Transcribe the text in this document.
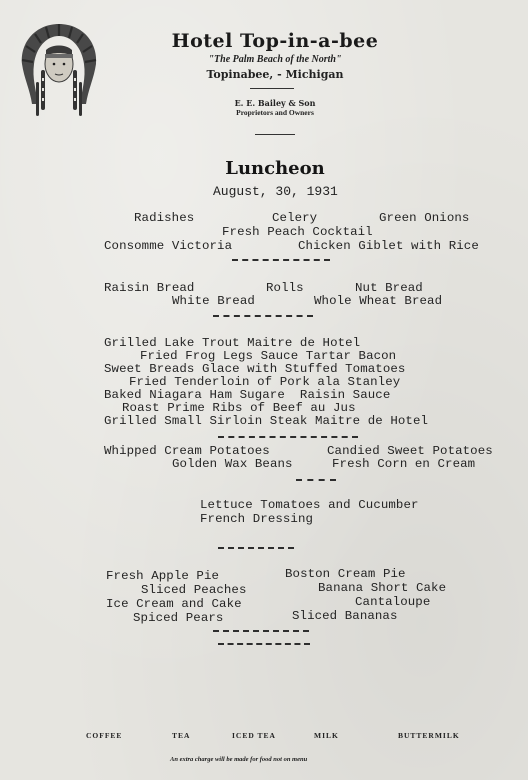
Hotel Top-in-a-bee
"The Palm Beach of the North"
Topinabee, - Michigan
E. E. Bailey & Son
Proprietors and Owners
Luncheon
August, 30, 1931
Radishes	Celery	Green Onions
Fresh Peach Cocktail
Consomme Victoria	Chicken Giblet with Rice
Raisin Bread	Rolls	Nut Bread
White Bread	Whole Wheat Bread
Grilled Lake Trout Maitre de Hotel
Fried Frog Legs Sauce Tartar Bacon
Sweet Breads Glace with Stuffed Tomatoes
Fried Tenderloin of Pork ala Stanley
Baked Niagara Ham Sugare  Raisin Sauce
Roast Prime Ribs of Beef au Jus
Grilled Small Sirloin Steak Maitre de Hotel
Whipped Cream Potatoes	Candied Sweet Potatoes
Golden Wax Beans	Fresh Corn en Cream
Lettuce Tomatoes and Cucumber
French Dressing
Fresh Apple Pie	Boston Cream Pie
Sliced Peaches	Banana Short Cake
Ice Cream and Cake	Cantaloupe
Spiced Pears	Sliced Bananas
COFFEE	TEA	ICED TEA	MILK	BUTTERMILK
An extra charge will be made for food not on menu
